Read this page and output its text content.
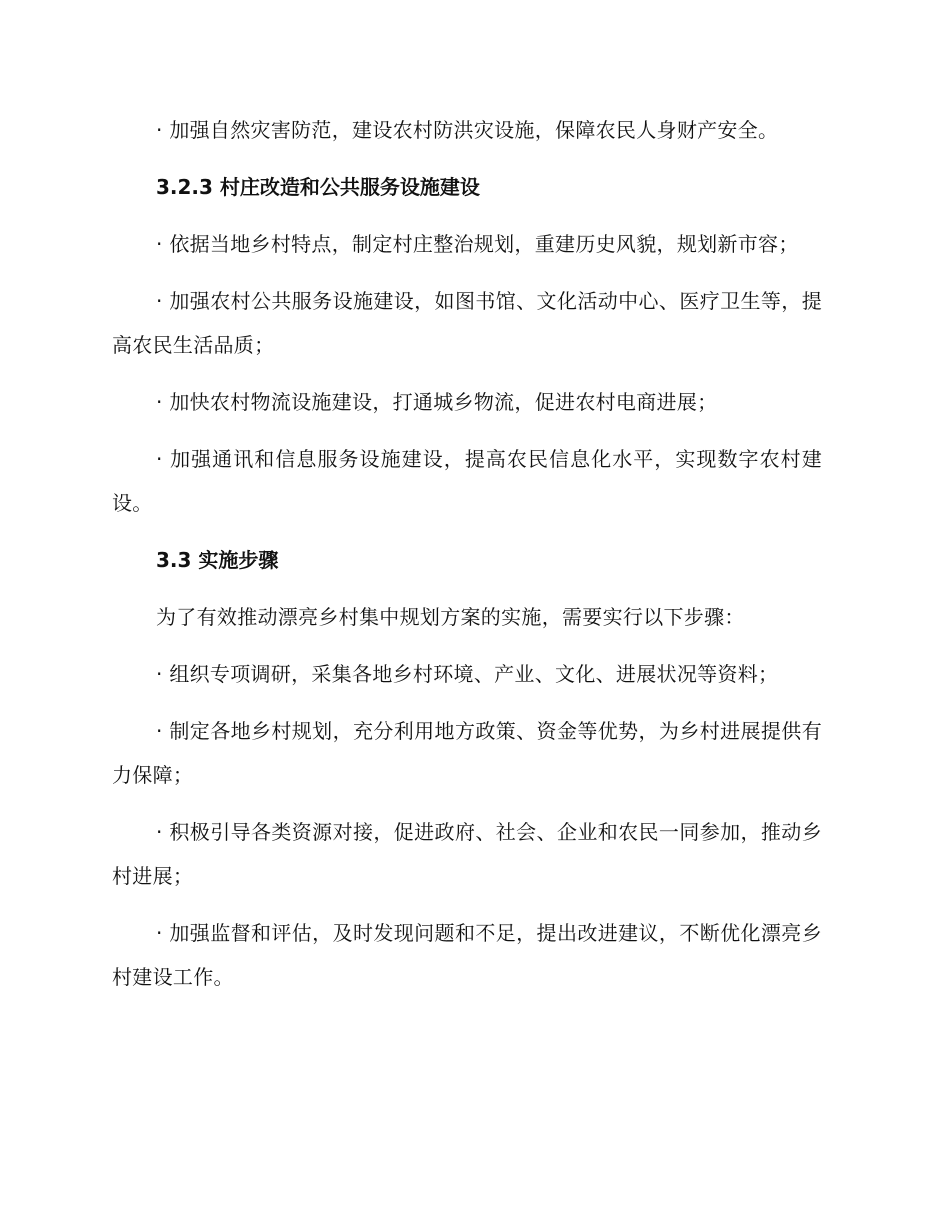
· 加强自然灾害防范，建设农村防洪灾设施，保障农民人身财产安全。

3.2.3 村庄改造和公共服务设施建设

· 依据当地乡村特点，制定村庄整治规划，重建历史风貌，规划新市容；

· 加强农村公共服务设施建设，如图书馆、文化活动中心、医疗卫生等，提高农民生活品质；

· 加快农村物流设施建设，打通城乡物流，促进农村电商进展；

· 加强通讯和信息服务设施建设，提高农民信息化水平，实现数字农村建设。

3.3 实施步骤

为了有效推动漂亮乡村集中规划方案的实施，需要实行以下步骤：

· 组织专项调研，采集各地乡村环境、产业、文化、进展状况等资料；

· 制定各地乡村规划，充分利用地方政策、资金等优势，为乡村进展提供有力保障；

· 积极引导各类资源对接，促进政府、社会、企业和农民一同参加，推动乡村进展；

· 加强监督和评估，及时发现问题和不足，提出改进建议，不断优化漂亮乡村建设工作。
